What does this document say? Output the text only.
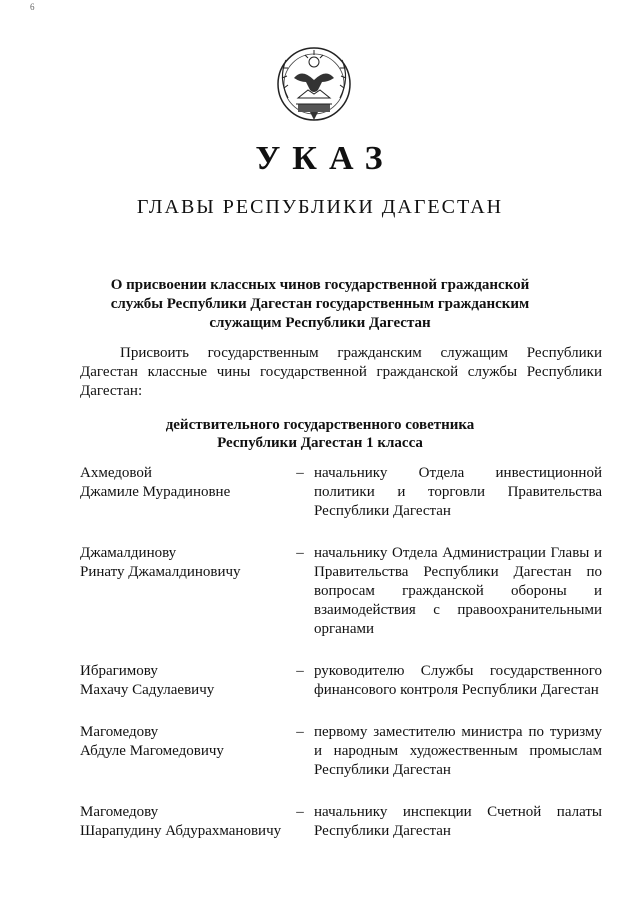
6
УКАЗ
ГЛАВЫ РЕСПУБЛИКИ ДАГЕСТАН
О присвоении классных чинов государственной гражданской службы Республики Дагестан государственным гражданским служащим Республики Дагестан
Присвоить государственным гражданским служащим Республики Дагестан классные чины государственной гражданской службы Республики Дагестан:
действительного государственного советника
Республики Дагестан 1 класса
Ахмедовой
Джамиле Мурадиновне
– начальнику Отдела инвестиционной политики и торговли Правительства Республики Дагестан
Джамалдинову
Ринату Джамалдиновичу
– начальнику Отдела Администрации Главы и Правительства Республики Дагестан по вопросам гражданской обороны и взаимодействия с правоохранительными органами
Ибрагимову
Махачу Садулаевичу
– руководителю Службы государственного финансового контроля Республики Дагестан
Магомедову
Абдуле Магомедовичу
– первому заместителю министра по туризму и народным художественным промыслам Республики Дагестан
Магомедову
Шарапудину Абдурахмановичу
– начальнику инспекции Счетной палаты Республики Дагестан
